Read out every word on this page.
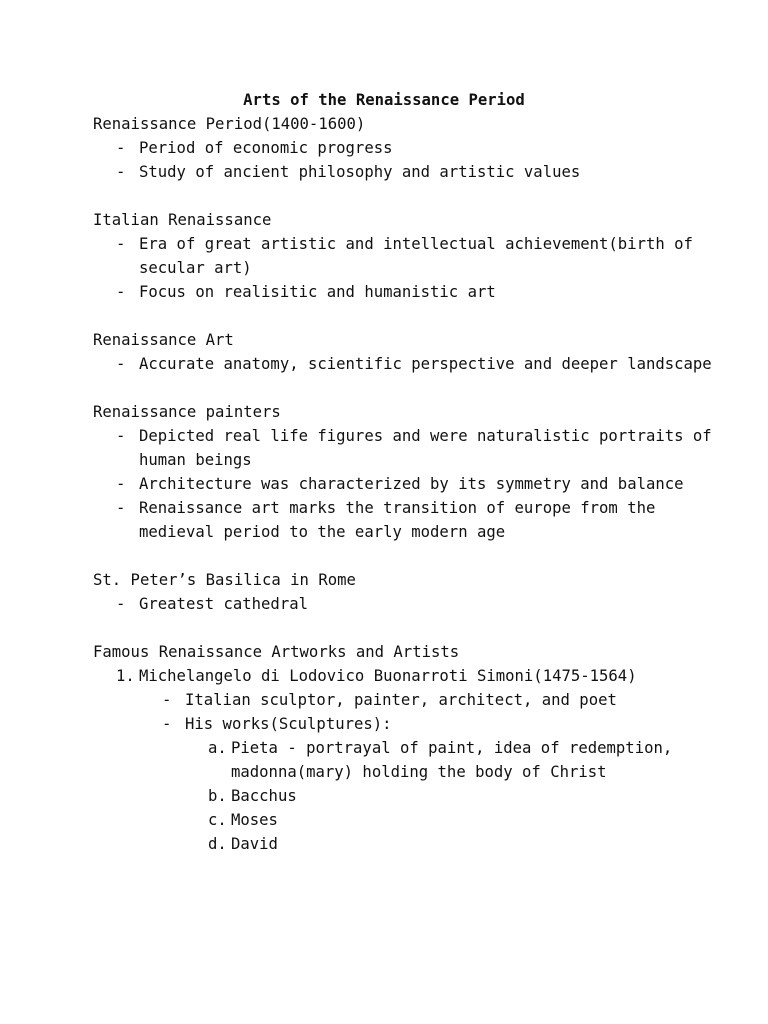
Arts of the Renaissance Period
Renaissance Period(1400-1600)
- Period of economic progress
- Study of ancient philosophy and artistic values
Italian Renaissance
- Era of great artistic and intellectual achievement(birth of secular art)
- Focus on realisitic and humanistic art
Renaissance Art
- Accurate anatomy, scientific perspective and deeper landscape
Renaissance painters
- Depicted real life figures and were naturalistic portraits of human beings
- Architecture was characterized by its symmetry and balance
- Renaissance art marks the transition of europe from the medieval period to the early modern age
St. Peter’s Basilica in Rome
- Greatest cathedral
Famous Renaissance Artworks and Artists
1. Michelangelo di Lodovico Buonarroti Simoni(1475-1564)
- Italian sculptor, painter, architect, and poet
- His works(Sculptures):
a. Pieta - portrayal of paint, idea of redemption, madonna(mary) holding the body of Christ
b. Bacchus
c. Moses
d. David
